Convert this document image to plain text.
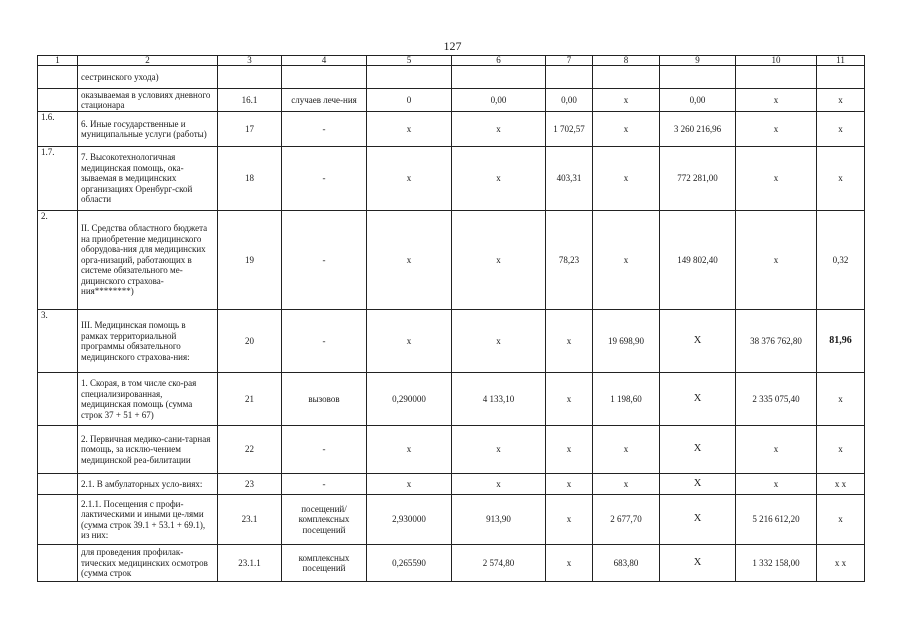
127
1	2	3	4	5	6	7	8	9	10	11
	сестринского ухода)									
	оказываемая в условиях дневного стационара	16.1	случаев лече-ния	0	0,00	0,00	х	0,00	х	х
1.6.	6. Иные государственные и муниципальные услуги (работы)	17	-	х	х	1 702,57	х	3 260 216,96	х	х
1.7.	7. Высокотехнологичная медицинская помощь, ока-зываемая в медицинских организациях Оренбург-ской области	18	-	х	х	403,31	х	772 281,00	х	х
2.	II. Средства областного бюджета на приобретение медицинского оборудова-ния для медицинских орга-низаций, работающих в системе обязательного ме-дицинского страхова-ния********)	19	-	х	х	78,23	х	149 802,40	х	0,32
3.	III. Медицинская помощь в рамках территориальной программы обязательного медицинского страхова-ния:	20	-	х	х	х	19 698,90	Х	38 376 762,80	81,96
	1. Скорая, в том числе ско-рая специализированная, медицинская помощь (сумма строк 37 + 51 + 67)	21	вызовов	0,290000	4 133,10	х	1 198,60	Х	2 335 075,40	х
	2. Первичная медико-сани-тарная помощь, за исклю-чением медицинской реа-билитации	22	-	х	х	х	х	Х	х	х
	2.1. В амбулаторных усло-виях:	23	-	х	х	х	х	Х	х	х х
	2.1.1. Посещения с профи-лактическими и иными це-лями (сумма строк 39.1 + 53.1 + 69.1), из них:	23.1	посещений/ комплексных посещений	2,930000	913,90	х	2 677,70	Х	5 216 612,20	х
	для проведения профилак-тических медицинских осмотров (сумма строк	23.1.1	комплексных посещений	0,265590	2 574,80	х	683,80	Х	1 332 158,00	х х
